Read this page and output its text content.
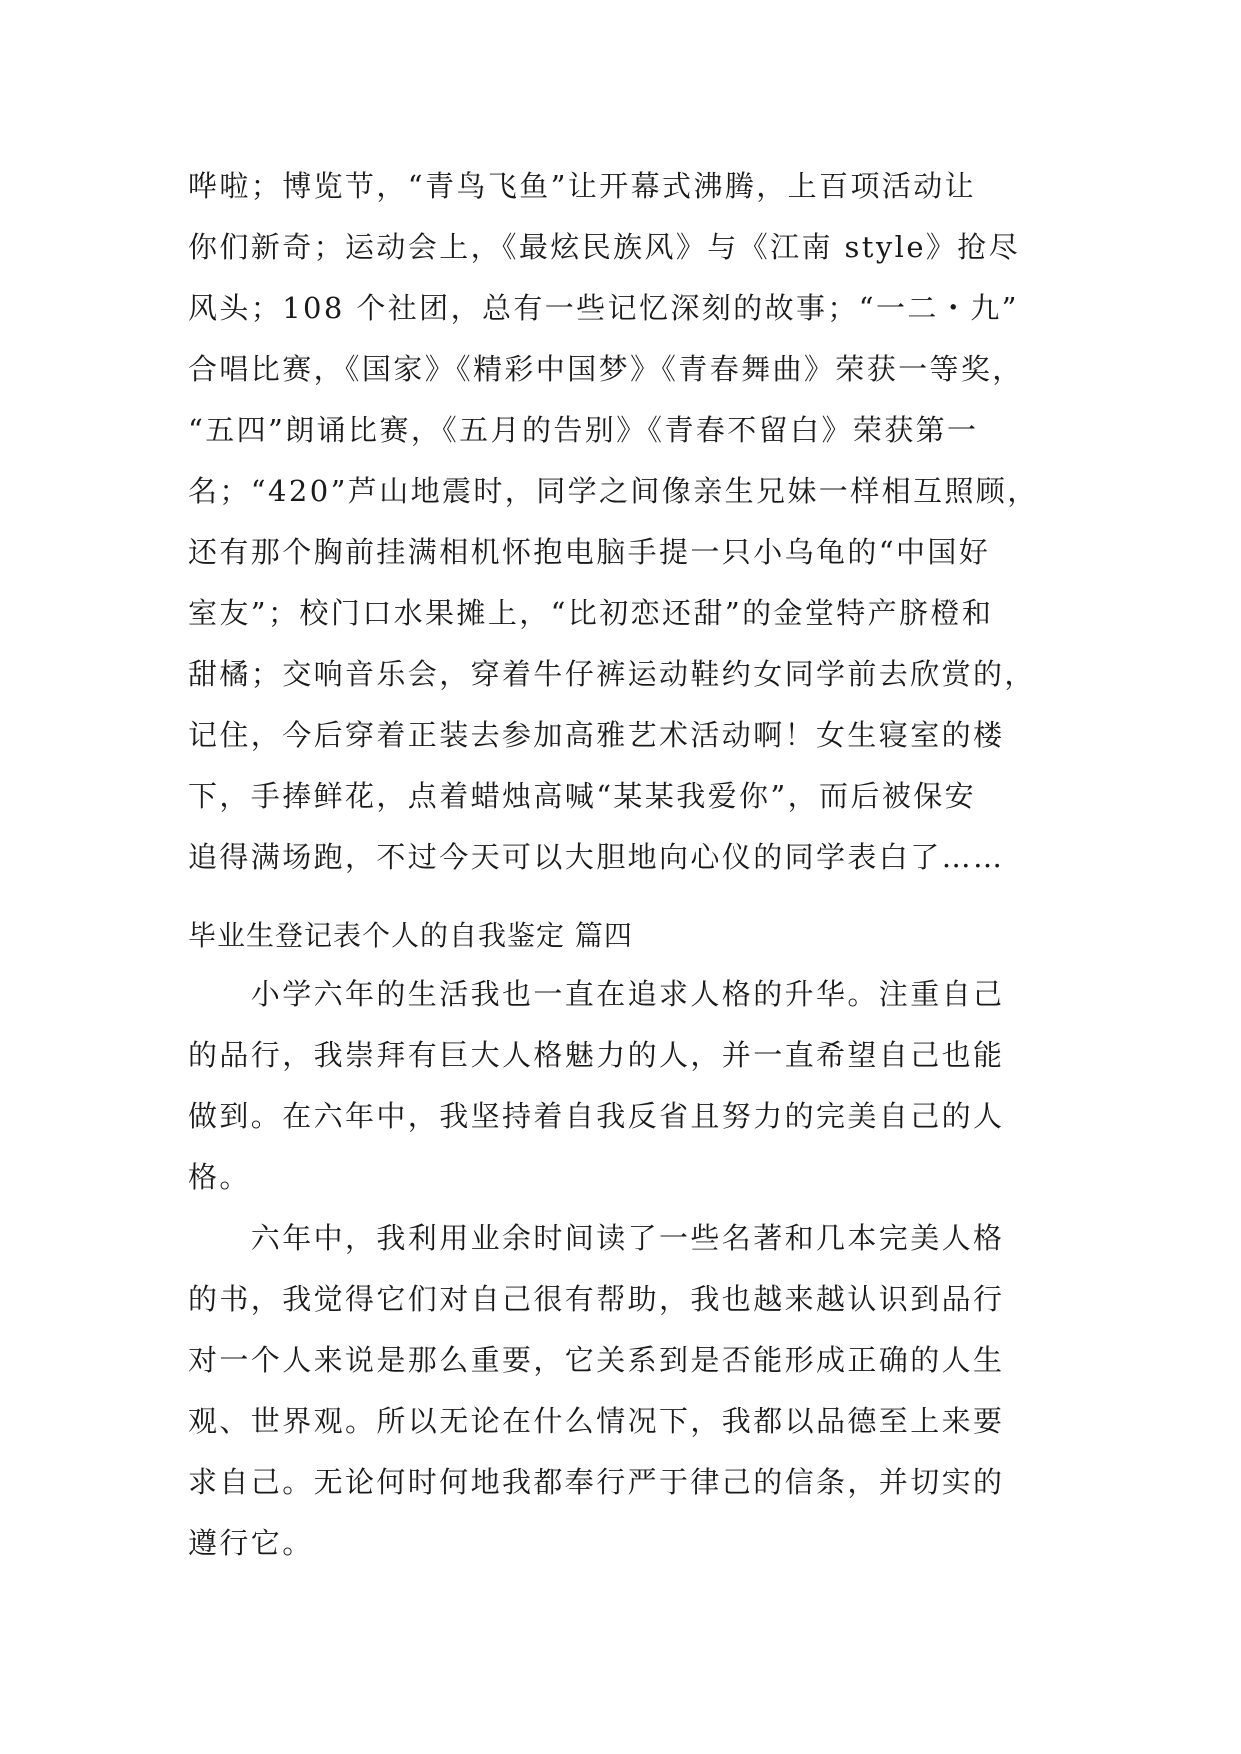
哗啦；博览节，“青鸟飞鱼”让开幕式沸腾，上百项活动让
你们新奇；运动会上，《最炫民族风》与《江南 style》抢尽
风头；108 个社团，总有一些记忆深刻的故事；“一二・九”
合唱比赛，《国家》《精彩中国梦》《青春舞曲》荣获一等奖，
“五四”朗诵比赛，《五月的告别》《青春不留白》荣获第一
名；“420”芦山地震时，同学之间像亲生兄妹一样相互照顾，
还有那个胸前挂满相机怀抱电脑手提一只小乌龟的“中国好
室友”；校门口水果摊上，“比初恋还甜”的金堂特产脐橙和
甜橘；交响音乐会，穿着牛仔裤运动鞋约女同学前去欣赏的，
记住，今后穿着正装去参加高雅艺术活动啊！女生寝室的楼
下，手捧鲜花，点着蜡烛高喊“某某我爱你”，而后被保安
追得满场跑，不过今天可以大胆地向心仪的同学表白了……
毕业生登记表个人的自我鉴定 篇四
　　小学六年的生活我也一直在追求人格的升华。注重自己
的品行，我崇拜有巨大人格魅力的人，并一直希望自己也能
做到。在六年中，我坚持着自我反省且努力的完美自己的人
格。
　　六年中，我利用业余时间读了一些名著和几本完美人格
的书，我觉得它们对自己很有帮助，我也越来越认识到品行
对一个人来说是那么重要，它关系到是否能形成正确的人生
观、世界观。所以无论在什么情况下，我都以品德至上来要
求自己。无论何时何地我都奉行严于律己的信条，并切实的
遵行它。
